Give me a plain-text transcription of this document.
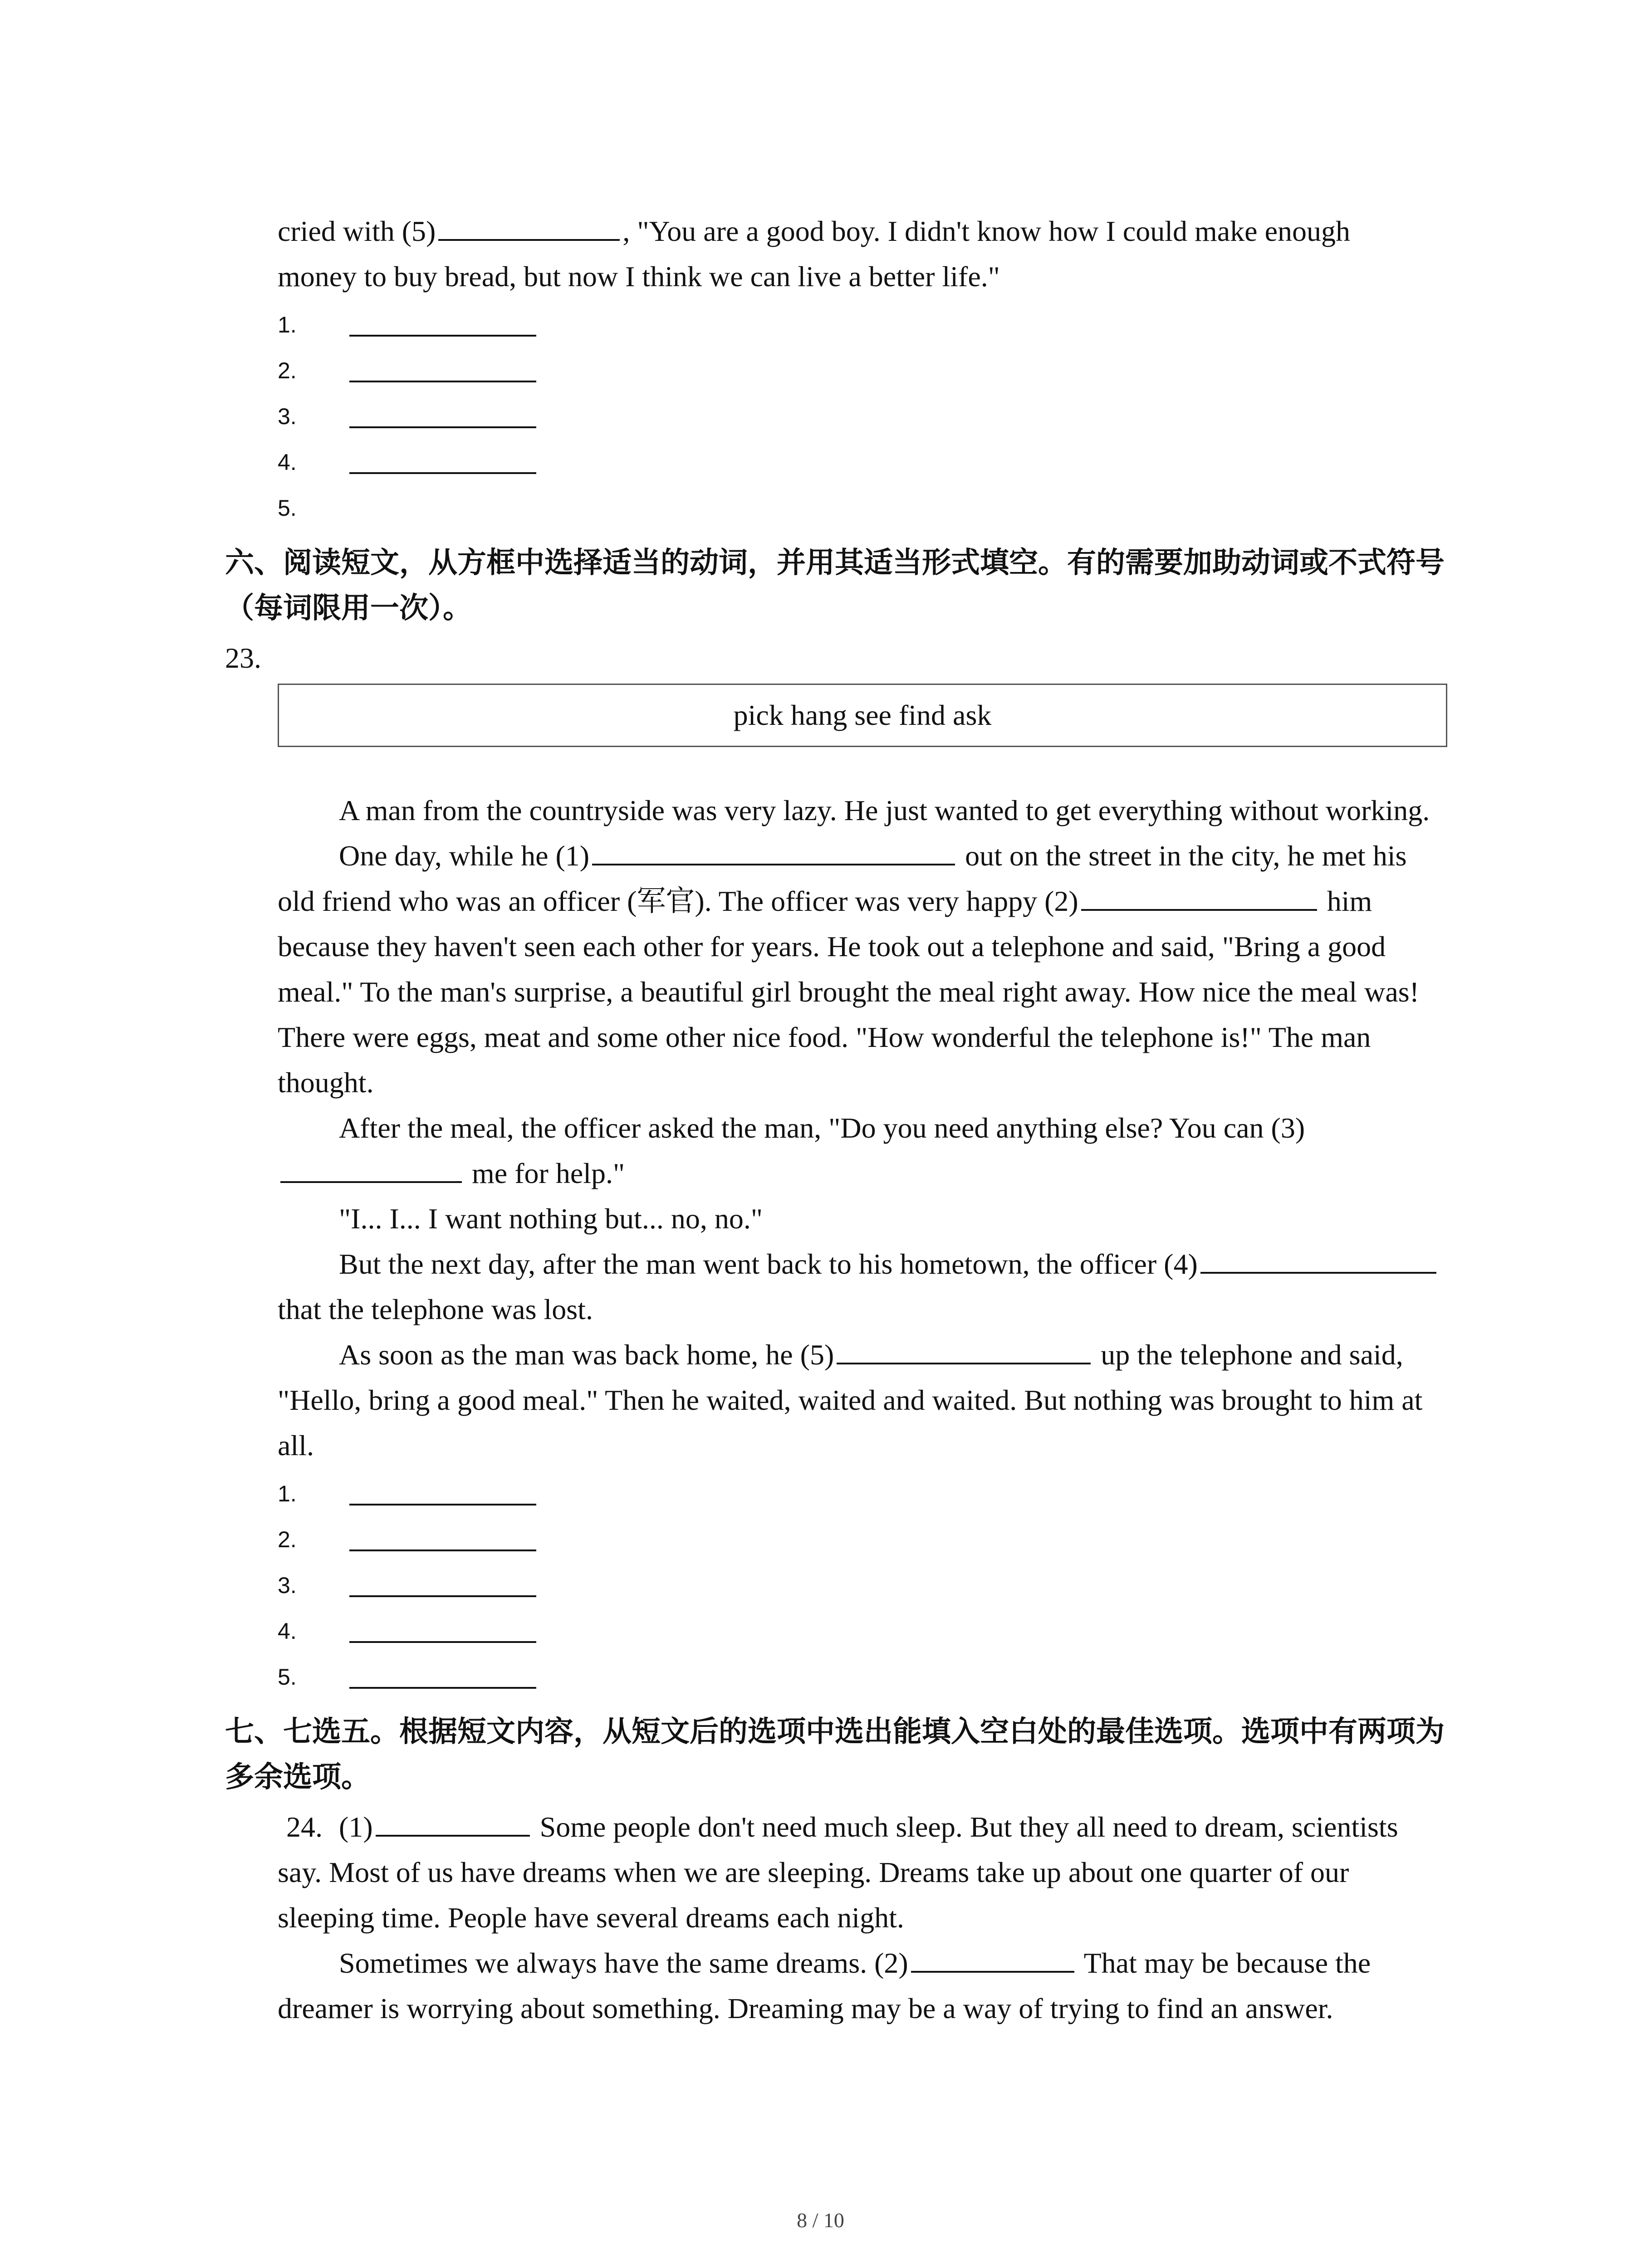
cried with (5)	, "You are a good boy. I didn't know how I could make enough
money to buy bread, but now I think we can live a better life."

1.
2.
3.
4.
5.
六、阅读短文，从方框中选择适当的动词，并用其适当形式填空。有的需要加助动词或不式符号（每词限用一次）。
23.
pick hang see find ask

A man from the countryside was very lazy. He just wanted to get everything without working.

One day, while he (1)	out on the street in the city, he met his old friend who was an officer (军官). The officer was very happy (2)	him because they haven't seen each other for years. He took out a telephone and said, "Bring a good meal." To the man's surprise, a beautiful girl brought the meal right away. How nice the meal was! There were eggs, meat and some other nice food. "How wonderful the telephone is!" The man thought.

After the meal, the officer asked the man, "Do you need anything else? You can (3) me for help."

"I... I... I want nothing but... no, no."

But the next day, after the man went back to his hometown, the officer (4) that the telephone was lost.

As soon as the man was back home, he (5)	up the telephone and said, "Hello, bring a good meal." Then he waited, waited and waited. But nothing was brought to him at all.

1.
2.
3.
4.
5.
七、七选五。根据短文内容，从短文后的选项中选出能填入空白处的最佳选项。选项中有两项为多余选项。

24. (1)	Some people don't need much sleep. But they all need to dream, scientists say. Most of us have dreams when we are sleeping. Dreams take up about one quarter of our sleeping time. People have several dreams each night.

Sometimes we always have the same dreams. (2)	That may be because the dreamer is worrying about something. Dreaming may be a way of trying to find an answer.

8 / 10
